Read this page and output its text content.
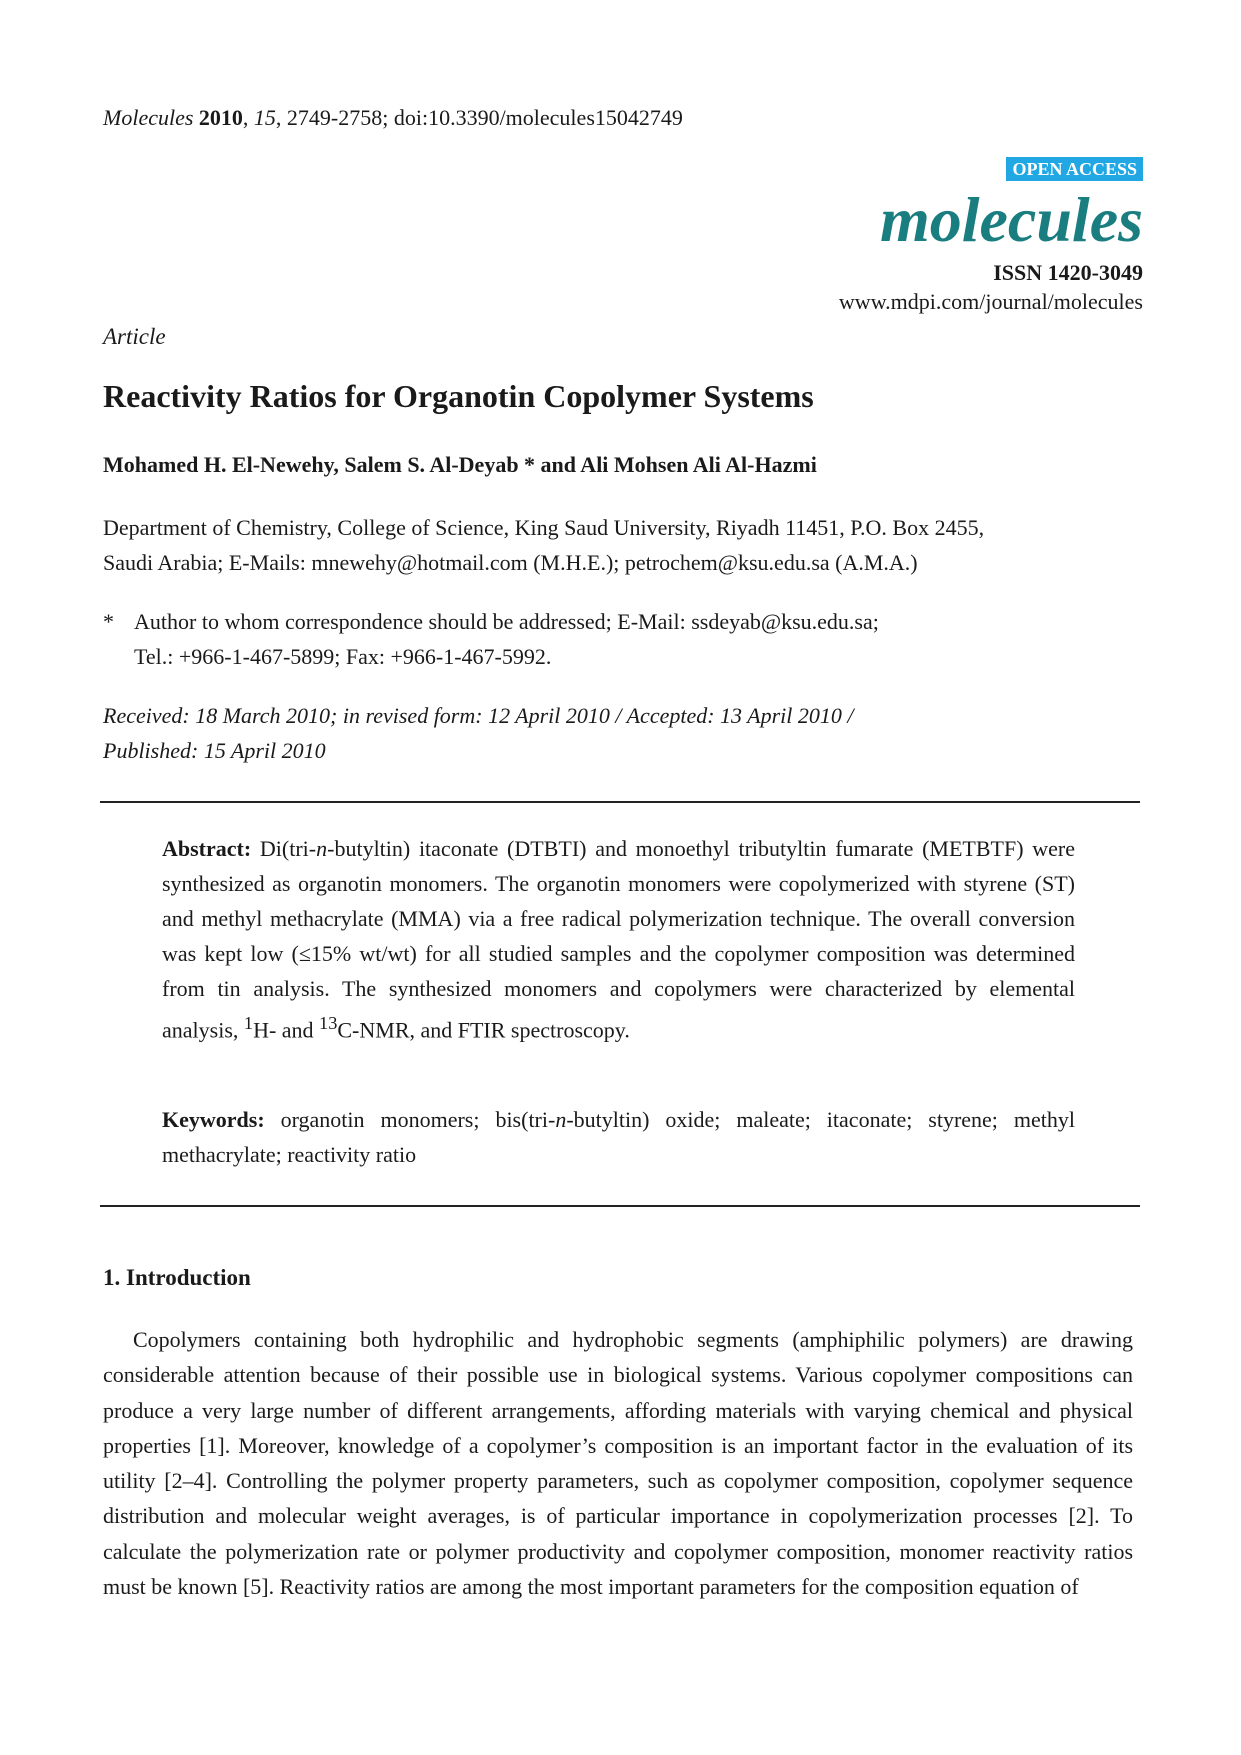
Molecules 2010, 15, 2749-2758; doi:10.3390/molecules15042749
OPEN ACCESS
molecules
ISSN 1420-3049
www.mdpi.com/journal/molecules
Article
Reactivity Ratios for Organotin Copolymer Systems
Mohamed H. El-Newehy, Salem S. Al-Deyab * and Ali Mohsen Ali Al-Hazmi
Department of Chemistry, College of Science, King Saud University, Riyadh 11451, P.O. Box 2455,
Saudi Arabia; E-Mails: mnewehy@hotmail.com (M.H.E.); petrochem@ksu.edu.sa (A.M.A.)
* Author to whom correspondence should be addressed; E-Mail: ssdeyab@ksu.edu.sa;
Tel.: +966-1-467-5899; Fax: +966-1-467-5992.
Received: 18 March 2010; in revised form: 12 April 2010 / Accepted: 13 April 2010 /
Published: 15 April 2010
Abstract: Di(tri-n-butyltin) itaconate (DTBTI) and monoethyl tributyltin fumarate (METBTF) were synthesized as organotin monomers. The organotin monomers were copolymerized with styrene (ST) and methyl methacrylate (MMA) via a free radical polymerization technique. The overall conversion was kept low (≤15% wt/wt) for all studied samples and the copolymer composition was determined from tin analysis. The synthesized monomers and copolymers were characterized by elemental analysis, $^1$H- and $^{13}$C-NMR, and FTIR spectroscopy.
Keywords: organotin monomers; bis(tri-n-butyltin) oxide; maleate; itaconate; styrene; methyl methacrylate; reactivity ratio
1. Introduction
Copolymers containing both hydrophilic and hydrophobic segments (amphiphilic polymers) are drawing considerable attention because of their possible use in biological systems. Various copolymer compositions can produce a very large number of different arrangements, affording materials with varying chemical and physical properties [1]. Moreover, knowledge of a copolymer’s composition is an important factor in the evaluation of its utility [2–4]. Controlling the polymer property parameters, such as copolymer composition, copolymer sequence distribution and molecular weight averages, is of particular importance in copolymerization processes [2]. To calculate the polymerization rate or polymer productivity and copolymer composition, monomer reactivity ratios must be known [5]. Reactivity ratios are among the most important parameters for the composition equation of
